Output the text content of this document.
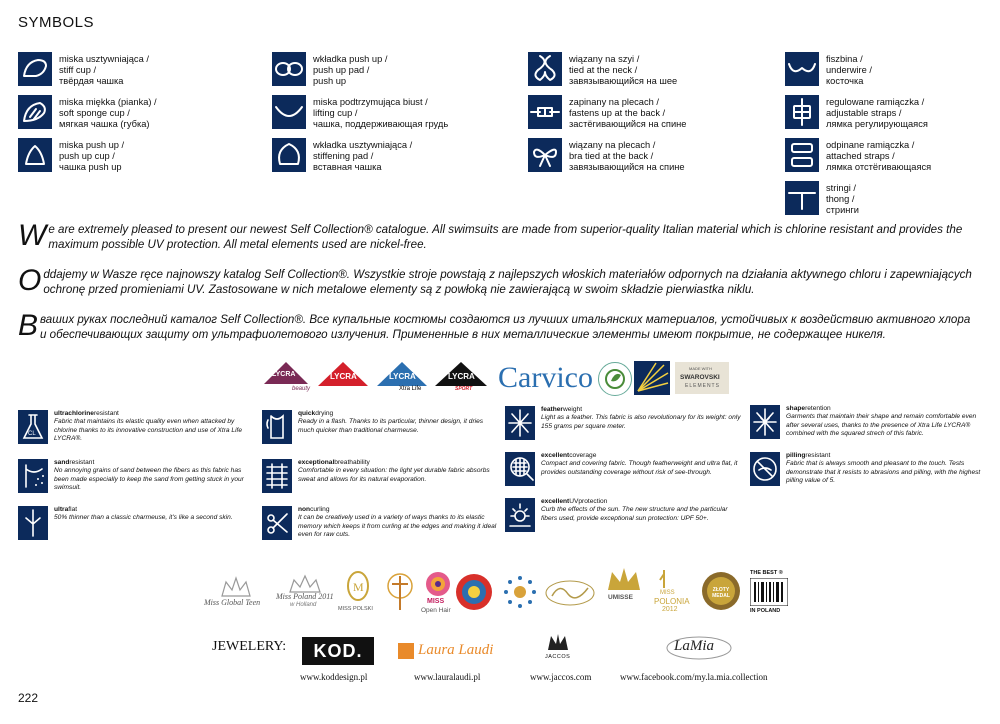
SYMBOLS
miska usztywniająca /
stiff cup /
твёрдая чашка
miska miękka (pianka) /
soft sponge cup /
мягкая чашка (губка)
miska push up /
push up cup /
чашка push up
wkładka push up /
push up pad /
push up
miska podtrzymująca biust /
lifting cup /
чашка, поддерживающая грудь
wkładka usztywniająca /
stiffening pad /
вставная чашка
wiązany na szyi /
tied at the neck /
завязывающийся на шее
zapinany na plecach /
fastens up at the back /
застёгивающийся на спине
wiązany na plecach /
bra tied at the back /
завязывающийся на спине
fiszbina /
underwire /
косточка
regulowane ramiączka /
adjustable straps /
лямка регулирующаяся
odpinane ramiączka /
attached straps /
лямка отстёгивающаяся
stringi /
thong /
стринги
We are extremely pleased to present our newest Self Collection® catalogue. All swimsuits are made from superior-quality Italian material which is chlorine resistant and provides the maximum possible UV protection. All metal elements used are nickel-free.
Oddajemy w Wasze ręce najnowszy katalog Self Collection®. Wszystkie stroje powstają z najlepszych włoskich materiałów odpornych na działania aktywnego chloru i zapewniających ochronę przed promieniami UV. Zastosowane w nich metalowe elementy są z powłoką nie zawierającą w swoim składzie pierwiastka niklu.
Вваших руках последний каталог Self Collection®. Все купальные костюмы создаются из лучших итальянских материалов, устойчивых к воздействию активного хлора и обеспечивающих защиту от ультрафиолетового излучения. Примененные в них металлические элементы имеют покрытие, не содержащее никеля.
LYCRA
beauty
LYCRA	LYCRA
Xtra Life
LYCRA
SPORT Carvico	MADE WITH
SWAROVSKI
ELEMENTS
CL
ultrachlorineresistant
Fabric that maintains its elastic quality even when attacked by chlorine thanks to its innovative construction and use of Xtra Life LYCRA®.
sandresistant
No annoying grains of sand between the fibers as this fabric has been made especially to keep the sand from getting stuck in your swimsuit.
ultraflat
50% thinner than a classic charmeuse, it's like a second skin.
quickdrying
Ready in a flash. Thanks to its particular, thinner design, it dries much quicker than traditional charmeuse.
exceptionalbreathability
Comfortable in every situation: the light yet durable fabric absorbs sweat and allows for its natural evaporation.
noncurling
It can be creatively used in a variety of ways thanks to its elastic memory which keeps it from curling at the edges and making it ideal even for raw cuts.
featherweight
Light as a feather. This fabric is also revolutionary for its weight: only 155 grams per square meter.
excellentcoverage
Compact and covering fabric. Though featherweight and ultra flat, it provides outstanding coverage without risk of see-through.
excellentUVprotection
Curb the effects of the sun. The new structure and the particular fibers used, provide exceptional sun protection: UPF 50+.
shaperetention
Garments that maintain their shape and remain comfortable even after several uses, thanks to the presence of Xtra Life LYCRA® combined with the squared strech of this fabric.
pillingresistant
Fabric that is always smooth and pleasant to the touch. Tests demonstrate that it resists to abrasions and pilling, with the highest pilling value of 5.
Miss Global Teen
Miss Poland 2011
w Holland
M
MISS POLSKI
MISS
Open Hair
UMISSE
MISS
POLONIA
2012
ZŁOTY MEDAL
THE BEST ®
IN POLAND
JEWELERY:	KOD.	Laura Laudi	JACCOS
LaMia
www.koddesign.pl	www.lauralaudi.pl	www.jaccos.com	www.facebook.com/my.la.mia.collection
222
